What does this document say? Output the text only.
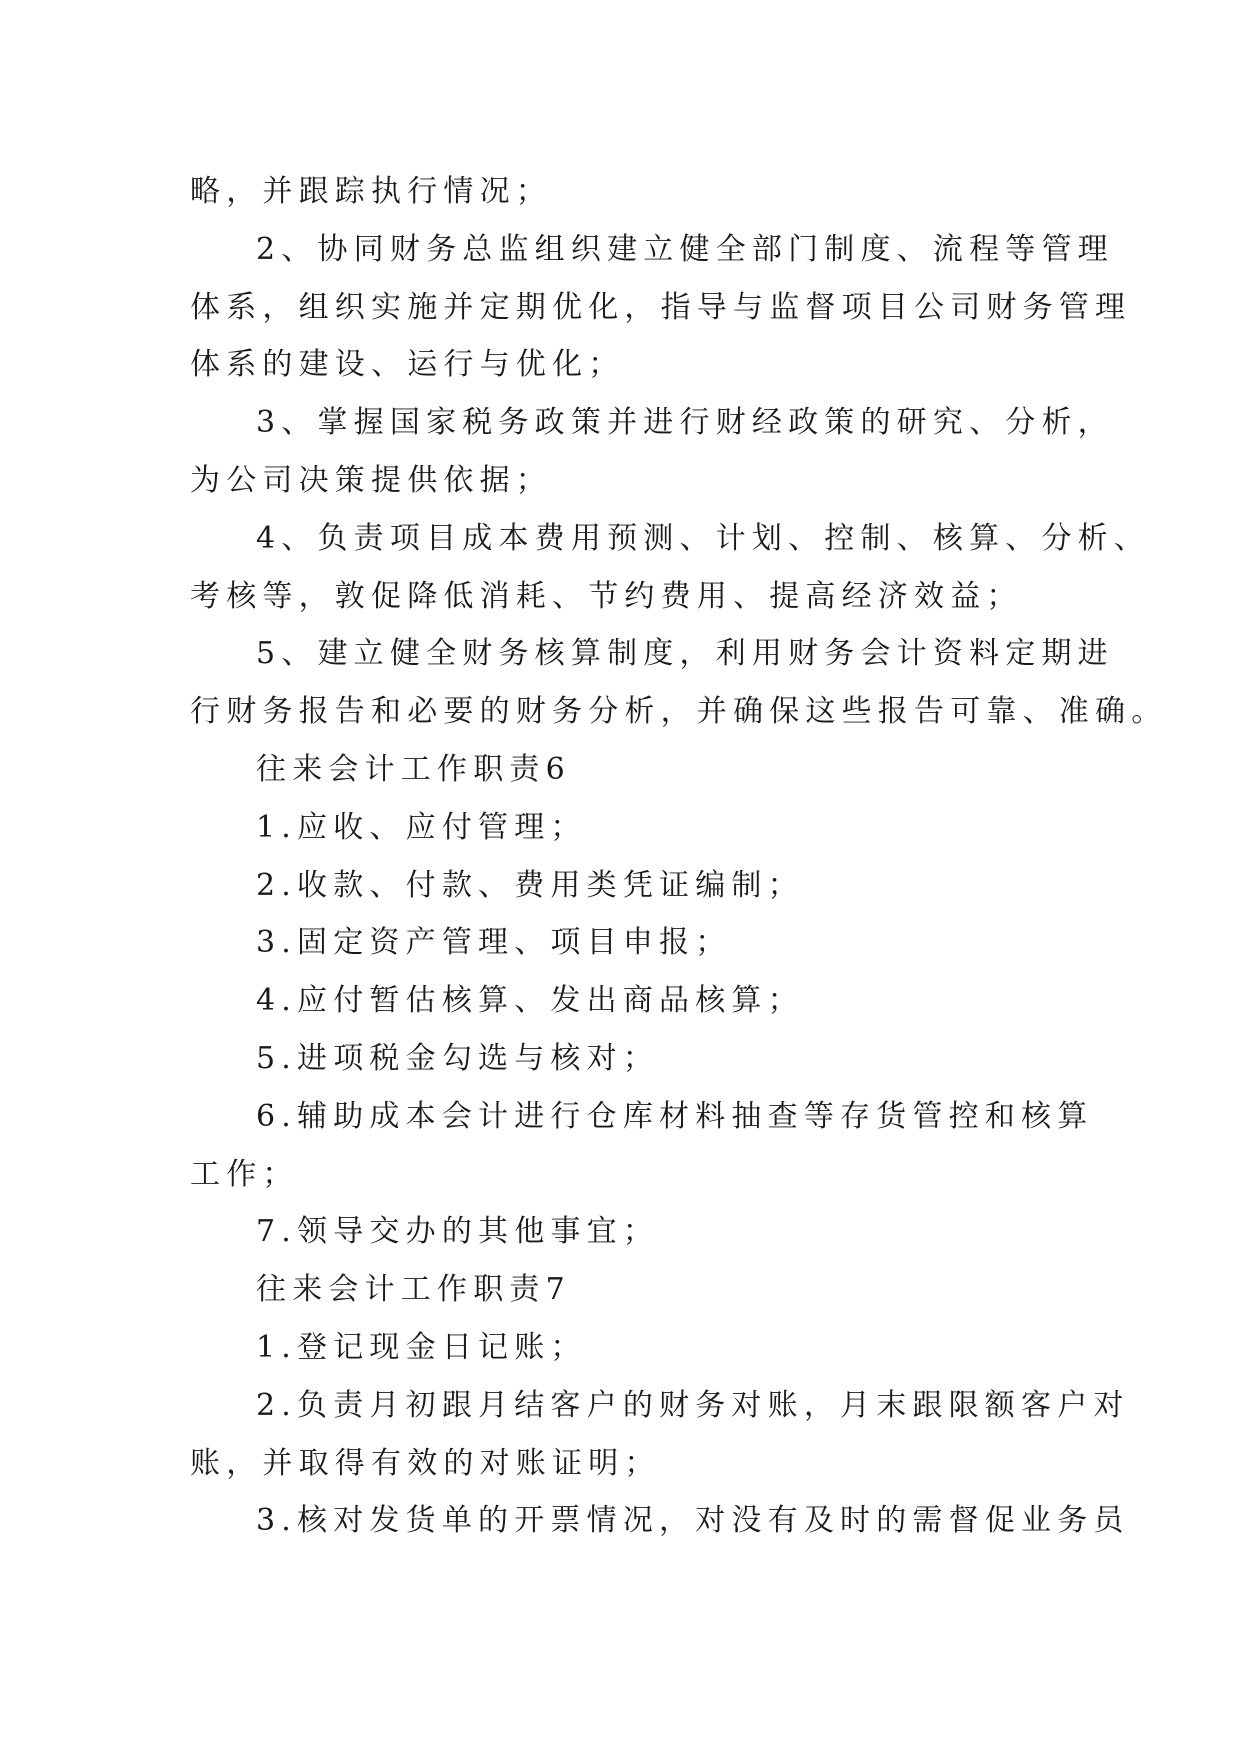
略，并跟踪执行情况；
2、协同财务总监组织建立健全部门制度、流程等管理
体系，组织实施并定期优化，指导与监督项目公司财务管理
体系的建设、运行与优化；
3、掌握国家税务政策并进行财经政策的研究、分析，
为公司决策提供依据；
4、负责项目成本费用预测、计划、控制、核算、分析、
考核等，敦促降低消耗、节约费用、提高经济效益；
5、建立健全财务核算制度，利用财务会计资料定期进
行财务报告和必要的财务分析，并确保这些报告可靠、准确。
往来会计工作职责6
1.应收、应付管理；
2.收款、付款、费用类凭证编制；
3.固定资产管理、项目申报；
4.应付暂估核算、发出商品核算；
5.进项税金勾选与核对；
6.辅助成本会计进行仓库材料抽查等存货管控和核算
工作；
7.领导交办的其他事宜；
往来会计工作职责7
1.登记现金日记账；
2.负责月初跟月结客户的财务对账，月末跟限额客户对
账，并取得有效的对账证明；
3.核对发货单的开票情况，对没有及时的需督促业务员
